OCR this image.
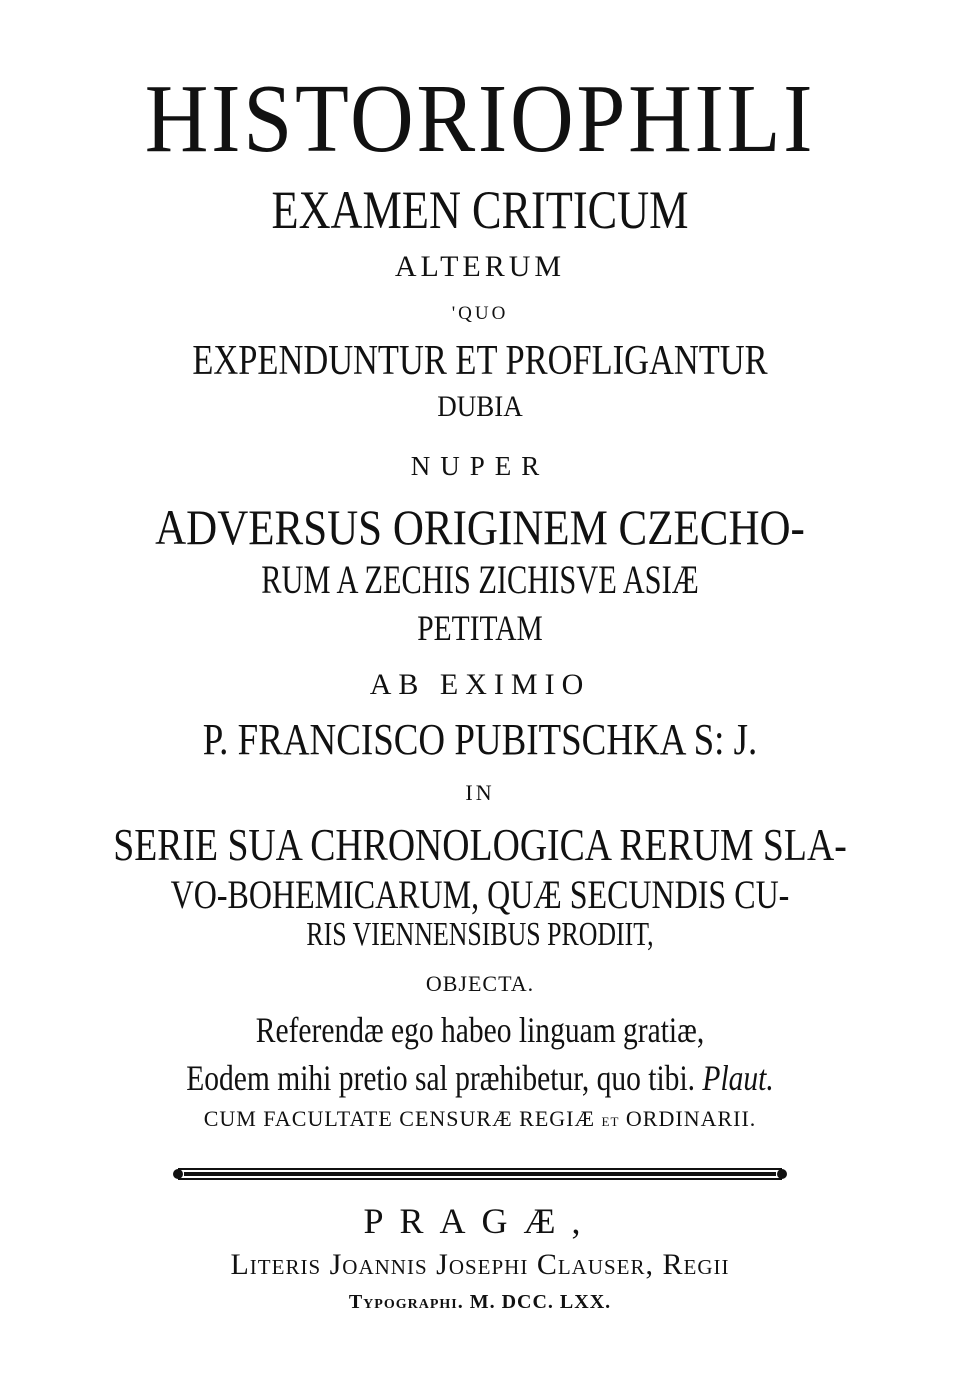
HISTORIOPHILI
EXAMEN CRITICUM
ALTERUM
'QUO
EXPENDUNTUR ET PROFLIGANTUR
DUBIA
NUPER
ADVERSUS ORIGINEM CZECHO-
RUM A ZECHIS ZICHISVE ASIÆ
PETITAM
AB EXIMIO
P. FRANCISCO PUBITSCHKA S: J.
IN
SERIE SUA CHRONOLOGICA RERUM SLA-
VO-BOHEMICARUM, QUÆ SECUNDIS CU-
RIS VIENNENSIBUS PRODIIT,
OBJECTA.
Referendæ ego habeo linguam gratiæ,
Eodem mihi pretio sal præhibetur, quo tibi. Plaut.
CUM FACULTATE CENSURÆ REGIÆ ET ORDINARII.
PRAGÆ,
Literis Joannis Josephi Clauser, Regii
Typographi. M. DCC. LXX.
